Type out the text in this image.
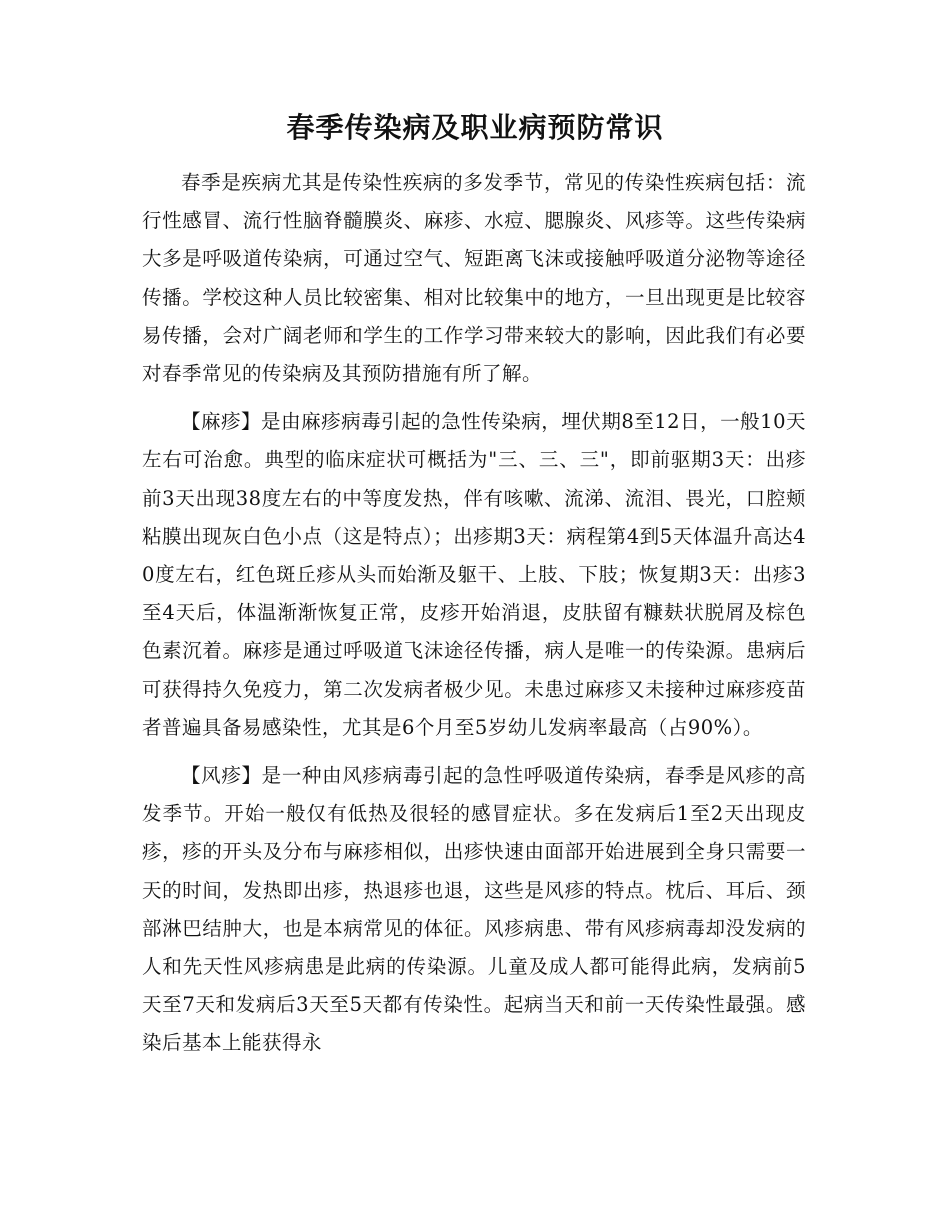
春季传染病及职业病预防常识

春季是疾病尤其是传染性疾病的多发季节，常见的传染性疾病包括：流行性感冒、流行性脑脊髓膜炎、麻疹、水痘、腮腺炎、风疹等。这些传染病大多是呼吸道传染病，可通过空气、短距离飞沫或接触呼吸道分泌物等途径传播。学校这种人员比较密集、相对比较集中的地方，一旦出现更是比较容易传播，会对广阔老师和学生的工作学习带来较大的影响，因此我们有必要对春季常见的传染病及其预防措施有所了解。

【麻疹】是由麻疹病毒引起的急性传染病，埋伏期8至12日，一般10天左右可治愈。典型的临床症状可概括为"三、三、三"，即前驱期3天：出疹前3天出现38度左右的中等度发热，伴有咳嗽、流涕、流泪、畏光，口腔颊粘膜出现灰白色小点（这是特点）；出疹期3天：病程第4到5天体温升高达40度左右，红色斑丘疹从头而始渐及躯干、上肢、下肢；恢复期3天：出疹3至4天后，体温渐渐恢复正常，皮疹开始消退，皮肤留有糠麸状脱屑及棕色色素沉着。麻疹是通过呼吸道飞沫途径传播，病人是唯一的传染源。患病后可获得持久免疫力，第二次发病者极少见。未患过麻疹又未接种过麻疹疫苗者普遍具备易感染性，尤其是6个月至5岁幼儿发病率最高（占90%）。

【风疹】是一种由风疹病毒引起的急性呼吸道传染病，春季是风疹的高发季节。开始一般仅有低热及很轻的感冒症状。多在发病后1至2天出现皮疹，疹的开头及分布与麻疹相似，出疹快速由面部开始进展到全身只需要一天的时间，发热即出疹，热退疹也退，这些是风疹的特点。枕后、耳后、颈部淋巴结肿大，也是本病常见的体征。风疹病患、带有风疹病毒却没发病的人和先天性风疹病患是此病的传染源。儿童及成人都可能得此病，发病前5天至7天和发病后3天至5天都有传染性。起病当天和前一天传染性最强。感染后基本上能获得永
